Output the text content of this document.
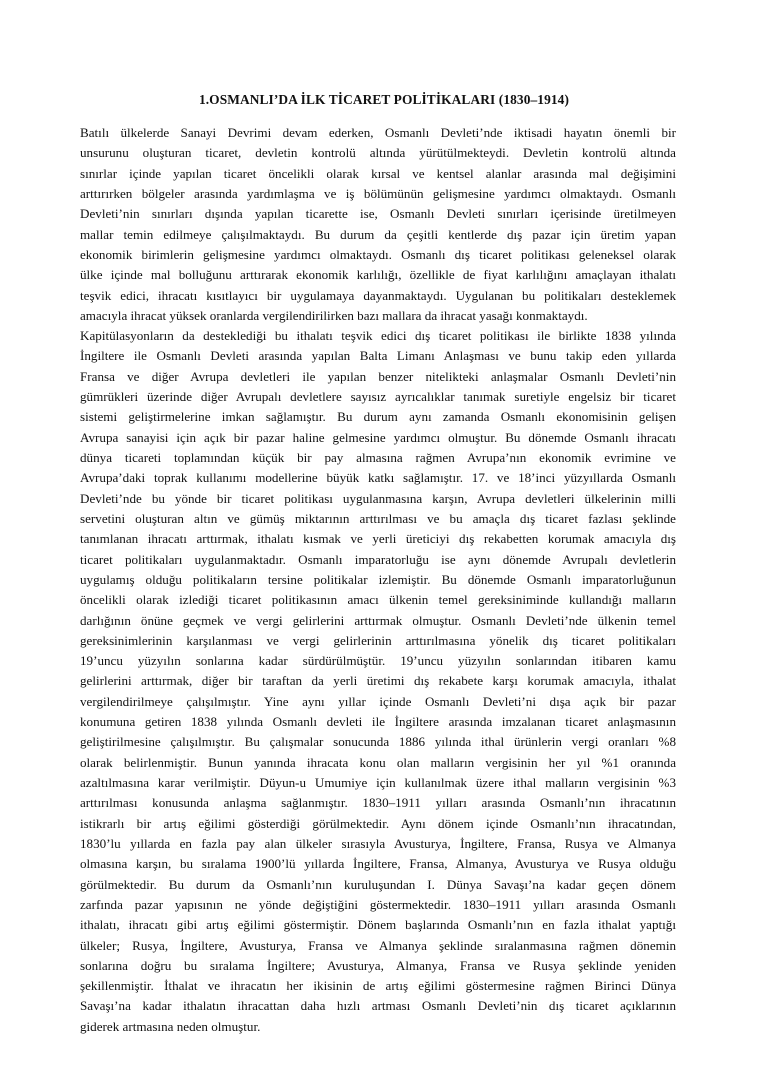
1.OSMANLI’DA İLK TİCARET POLİTİKALARI (1830–1914)
Batılı ülkelerde Sanayi Devrimi devam ederken, Osmanlı Devleti’nde iktisadi hayatın önemli bir
unsurunu oluşturan ticaret, devletin kontrolü altında yürütülmekteydi. Devletin kontrolü altında
sınırlar içinde yapılan ticaret öncelikli olarak kırsal ve kentsel alanlar arasında mal değişimini
arttırırken bölgeler arasında yardımlaşma ve iş bölümünün gelişmesine yardımcı olmaktaydı. Osmanlı
Devleti’nin sınırları dışında yapılan ticarette ise, Osmanlı Devleti sınırları içerisinde üretilmeyen
mallar temin edilmeye çalışılmaktaydı. Bu durum da çeşitli kentlerde dış pazar için üretim yapan
ekonomik birimlerin gelişmesine yardımcı olmaktaydı. Osmanlı dış ticaret politikası geleneksel olarak
ülke içinde mal bolluğunu arttırarak ekonomik karlılığı, özellikle de fiyat karlılığını amaçlayan ithalatı
teşvik edici, ihracatı kısıtlayıcı bir uygulamaya dayanmaktaydı. Uygulanan bu politikaları desteklemek
amacıyla ihracat yüksek oranlarda vergilendirilirken bazı mallara da ihracat yasağı konmaktaydı.
Kapitülasyonların da desteklediği bu ithalatı teşvik edici dış ticaret politikası ile birlikte 1838 yılında
İngiltere ile Osmanlı Devleti arasında yapılan Balta Limanı Anlaşması ve bunu takip eden yıllarda
Fransa ve diğer Avrupa devletleri ile yapılan benzer nitelikteki anlaşmalar Osmanlı Devleti’nin
gümrükleri üzerinde diğer Avrupalı devletlere sayısız ayrıcalıklar tanımak suretiyle engelsiz bir ticaret
sistemi geliştirmelerine imkan sağlamıştır. Bu durum aynı zamanda Osmanlı ekonomisinin gelişen
Avrupa sanayisi için açık bir pazar haline gelmesine yardımcı olmuştur. Bu dönemde Osmanlı ihracatı
dünya ticareti toplamından küçük bir pay almasına rağmen Avrupa’nın ekonomik evrimine ve
Avrupa’daki toprak kullanımı modellerine büyük katkı sağlamıştır. 17. ve 18’inci yüzyıllarda Osmanlı
Devleti’nde bu yönde bir ticaret politikası uygulanmasına karşın, Avrupa devletleri ülkelerinin milli
servetini oluşturan altın ve gümüş miktarının arttırılması ve bu amaçla dış ticaret fazlası şeklinde
tanımlanan ihracatı arttırmak, ithalatı kısmak ve yerli üreticiyi dış rekabetten korumak amacıyla dış
ticaret politikaları uygulanmaktadır. Osmanlı imparatorluğu ise aynı dönemde Avrupalı devletlerin
uygulamış olduğu politikaların tersine politikalar izlemiştir. Bu dönemde Osmanlı imparatorluğunun
öncelikli olarak izlediği ticaret politikasının amacı ülkenin temel gereksiniminde kullandığı malların
darlığının önüne geçmek ve vergi gelirlerini arttırmak olmuştur. Osmanlı Devleti’nde ülkenin temel
gereksinimlerinin karşılanması ve vergi gelirlerinin arttırılmasına yönelik dış ticaret politikaları
19’uncu yüzyılın sonlarına kadar sürdürülmüştür. 19’uncu yüzyılın sonlarından itibaren kamu
gelirlerini arttırmak, diğer bir taraftan da yerli üretimi dış rekabete karşı korumak amacıyla, ithalat
vergilendirilmeye çalışılmıştır. Yine aynı yıllar içinde Osmanlı Devleti’ni dışa açık bir pazar
konumuna getiren 1838 yılında Osmanlı devleti ile İngiltere arasında imzalanan ticaret anlaşmasının
geliştirilmesine çalışılmıştır. Bu çalışmalar sonucunda 1886 yılında ithal ürünlerin vergi oranları %8
olarak belirlenmiştir. Bunun yanında ihracata konu olan malların vergisinin her yıl %1 oranında
azaltılmasına karar verilmiştir. Düyun-u Umumiye için kullanılmak üzere ithal malların vergisinin %3
arttırılması konusunda anlaşma sağlanmıştır. 1830–1911 yılları arasında Osmanlı’nın ihracatının
istikrarlı bir artış eğilimi gösterdiği görülmektedir. Aynı dönem içinde Osmanlı’nın ihracatından,
1830’lu yıllarda en fazla pay alan ülkeler sırasıyla Avusturya, İngiltere, Fransa, Rusya ve Almanya
olmasına karşın, bu sıralama 1900’lü yıllarda İngiltere, Fransa, Almanya, Avusturya ve Rusya olduğu
görülmektedir. Bu durum da Osmanlı’nın kuruluşundan I. Dünya Savaşı’na kadar geçen dönem
zarfında pazar yapısının ne yönde değiştiğini göstermektedir. 1830–1911 yılları arasında Osmanlı
ithalatı, ihracatı gibi artış eğilimi göstermiştir. Dönem başlarında Osmanlı’nın en fazla ithalat yaptığı
ülkeler; Rusya, İngiltere, Avusturya, Fransa ve Almanya şeklinde sıralanmasına rağmen dönemin
sonlarına doğru bu sıralama İngiltere; Avusturya, Almanya, Fransa ve Rusya şeklinde yeniden
şekillenmiştir. İthalat ve ihracatın her ikisinin de artış eğilimi göstermesine rağmen Birinci Dünya
Savaşı’na kadar ithalatın ihracattan daha hızlı artması Osmanlı Devleti’nin dış ticaret açıklarının
giderek artmasına neden olmuştur.
